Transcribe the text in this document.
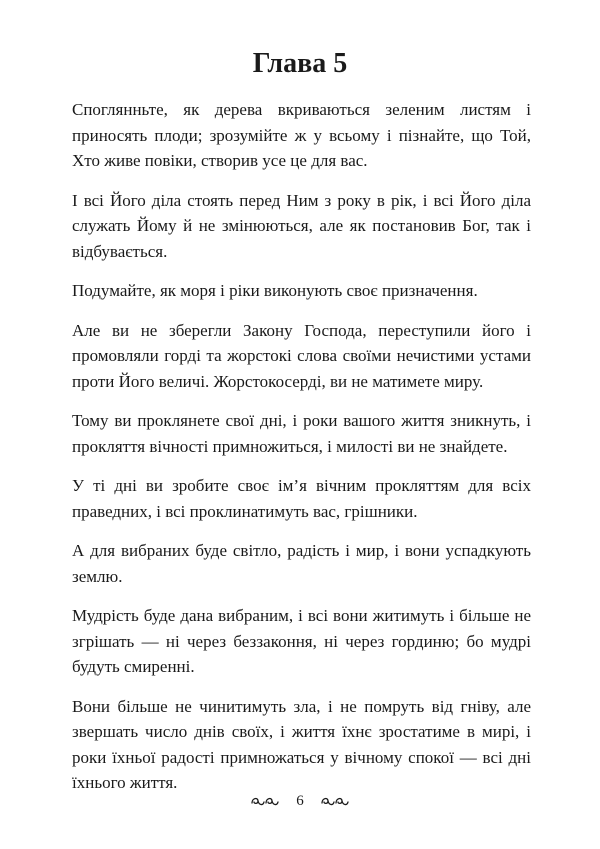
Глава 5

Споглянньте, як дерева вкриваються зеленим листям і приносять плоди; зрозумійте ж у всьому і пізнайте, що Той, Хто живе повіки, створив усе це для вас.

І всі Його діла стоять перед Ним з року в рік, і всі Його діла служать Йому й не змінюються, але як постановив Бог, так і відбувається.

Подумайте, як моря і ріки виконують своє призначення.

Але ви не зберегли Закону Господа, переступили його і промовляли горді та жорстокі слова своїми нечистими устами проти Його величі. Жорстокосерді, ви не матимете миру.

Тому ви проклянете свої дні, і роки вашого життя зникнуть, і прокляття вічності примножиться, і милості ви не знайдете.

У ті дні ви зробите своє ім’я вічним прокляттям для всіх праведних, і всі проклинатимуть вас, грішники.

А для вибраних буде світло, радість і мир, і вони успадкують землю.

Мудрість буде дана вибраним, і всі вони житимуть і більше не згрішать — ні через беззаконня, ні через гординю; бо мудрі будуть смиренні.

Вони більше не чинитимуть зла, і не помруть від гніву, але звершать число днів своїх, і життя їхнє зростатиме в мирі, і роки їхньої радості примножаться у вічному спокої — всі дні їхнього життя.

6
